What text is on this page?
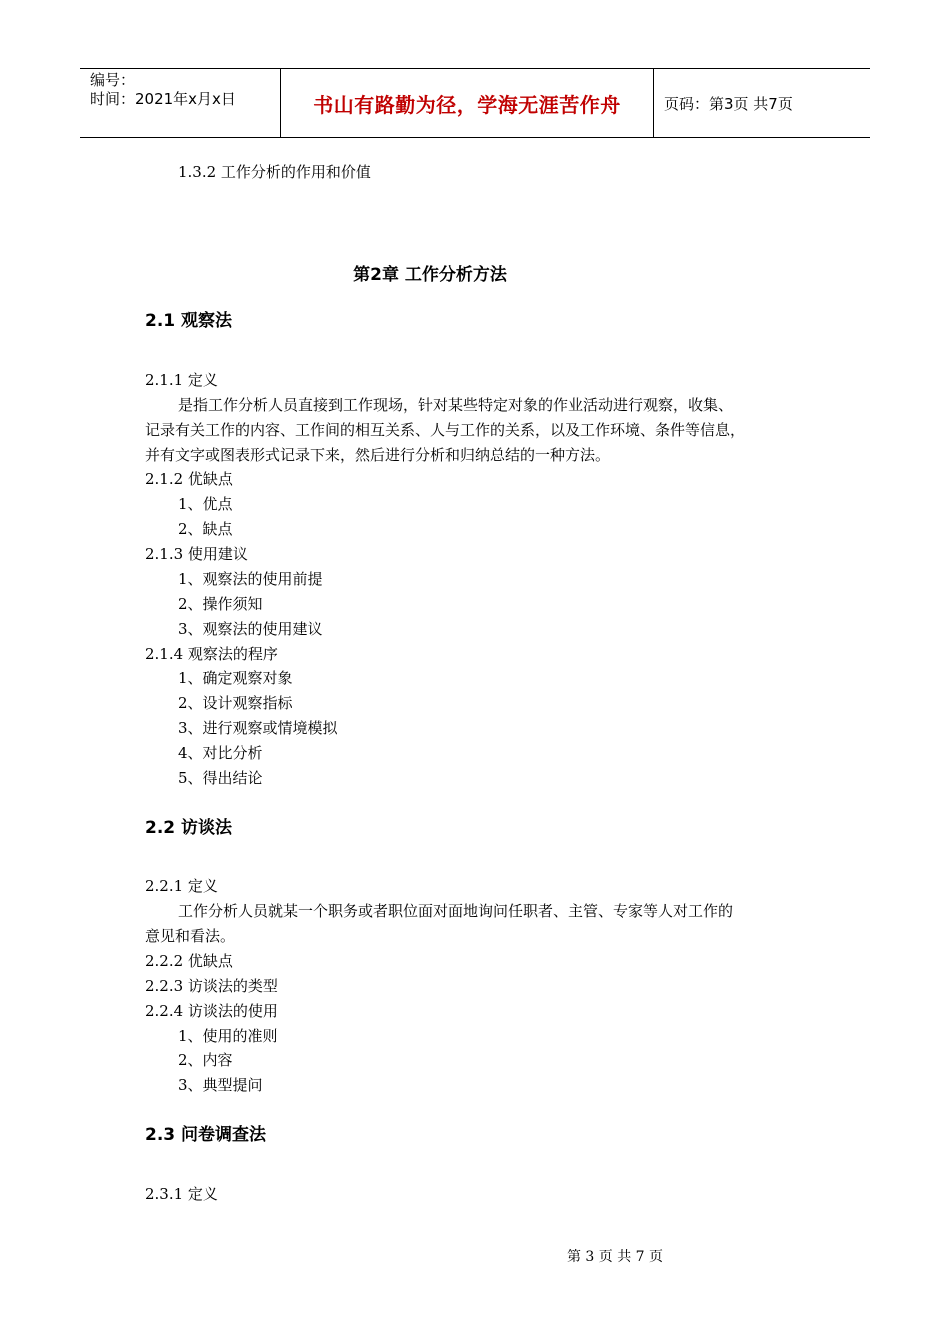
编号：
时间：2021年x月x日	书山有路勤为径，学海无涯苦作舟	页码：第3页 共7页
1.3.2 工作分析的作用和价值
第2章 工作分析方法
2.1 观察法
2.1.1 定义
是指工作分析人员直接到工作现场，针对某些特定对象的作业活动进行观察，收集、
记录有关工作的内容、工作间的相互关系、人与工作的关系，以及工作环境、条件等信息，
并有文字或图表形式记录下来，然后进行分析和归纳总结的一种方法。
2.1.2 优缺点
1、优点
2、缺点
2.1.3 使用建议
1、观察法的使用前提
2、操作须知
3、观察法的使用建议
2.1.4 观察法的程序
1、确定观察对象
2、设计观察指标
3、进行观察或情境模拟
4、对比分析
5、得出结论
2.2 访谈法
2.2.1 定义
工作分析人员就某一个职务或者职位面对面地询问任职者、主管、专家等人对工作的
意见和看法。
2.2.2 优缺点
2.2.3 访谈法的类型
2.2.4 访谈法的使用
1、使用的准则
2、内容
3、典型提问
2.3 问卷调查法
2.3.1 定义
第 3 页 共 7 页
